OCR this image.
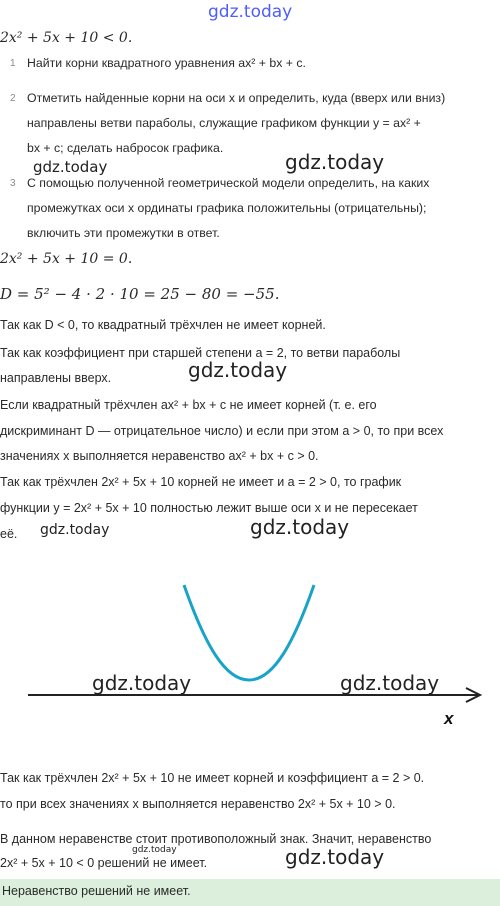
gdz.today
2x² + 5x + 10 < 0.
1 Найти корни квадратного уравнения ax² + bx + c.
2 Отметить найденные корни на оси x и определить, куда (вверх или вниз)
направлены ветви параболы, служащие графиком функции y = ax² +
bx + c; сделать набросок графика.
3 С помощью полученной геометрической модели определить, на каких
промежутках оси x ординаты графика положительны (отрицательны);
включить эти промежутки в ответ.
gdz.today	gdz.today
2x² + 5x + 10 = 0.
D = 5² − 4 · 2 · 10 = 25 − 80 = −55.
Так как D < 0, то квадратный трёхчлен не имеет корней.
Так как коэффициент при старшей степени a = 2, то ветви параболы
направлены вверх.	gdz.today
Если квадратный трёхчлен ax² + bx + c не имеет корней (т. е. его
дискриминант D — отрицательное число) и если при этом a > 0, то при всех
значениях x выполняется неравенство ax² + bx + c > 0.
Так как трёхчлен 2x² + 5x + 10 корней не имеет и a = 2 > 0, то график
функции y = 2x² + 5x + 10 полностью лежит выше оси x и не пересекает
её. gdz.today	gdz.today
x
gdz.today	gdz.today
Так как трёхчлен 2x² + 5x + 10 не имеет корней и коэффициент a = 2 > 0.
то при всех значениях x выполняется неравенство 2x² + 5x + 10 > 0.
В данном неравенстве стоит противоположный знак. Значит, неравенство
2x² + 5x + 10 < 0 решений не имеет.
gdz.today	gdz.today
Неравенство решений не имеет.
